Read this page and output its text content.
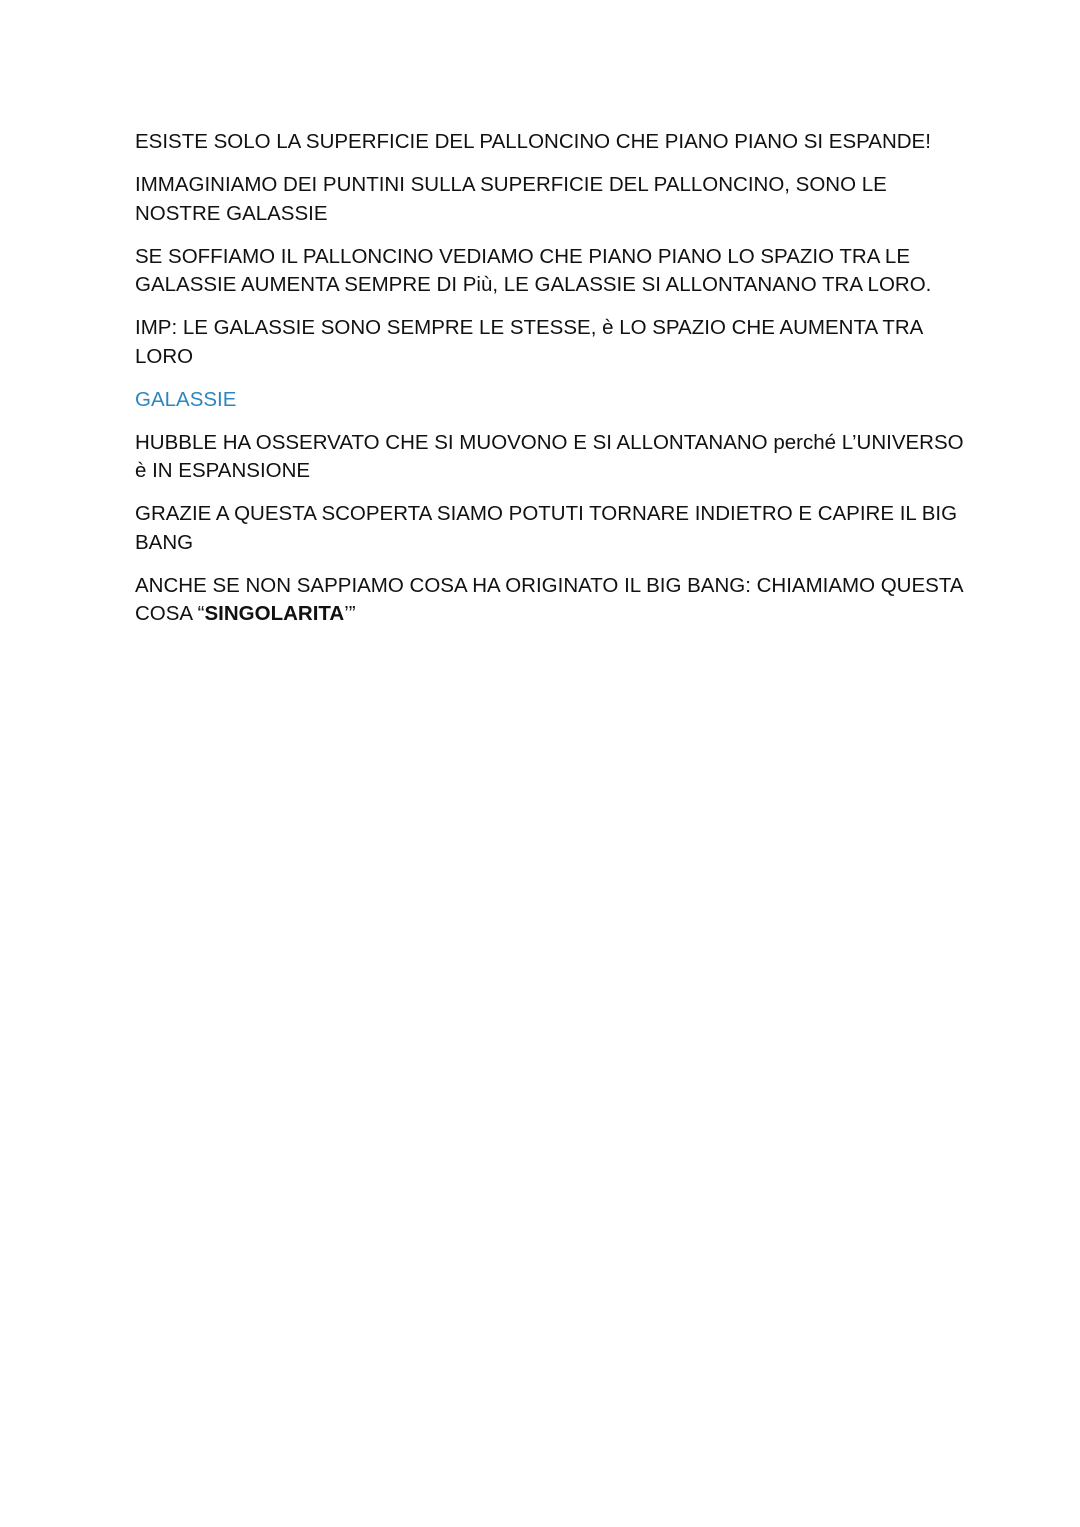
ESISTE SOLO LA SUPERFICIE DEL PALLONCINO CHE PIANO PIANO SI ESPANDE!

IMMAGINIAMO DEI PUNTINI SULLA SUPERFICIE DEL PALLONCINO, SONO LE NOSTRE GALASSIE

SE SOFFIAMO IL PALLONCINO VEDIAMO CHE PIANO PIANO LO SPAZIO TRA LE GALASSIE AUMENTA SEMPRE DI Più, LE GALASSIE SI ALLONTANANO TRA LORO.

IMP: LE GALASSIE SONO SEMPRE LE STESSE, è LO SPAZIO CHE AUMENTA TRA LORO

GALASSIE

HUBBLE HA OSSERVATO CHE SI MUOVONO E SI ALLONTANANO perché L’UNIVERSO è IN ESPANSIONE

GRAZIE A QUESTA SCOPERTA SIAMO POTUTI TORNARE INDIETRO E CAPIRE IL BIG BANG

ANCHE SE NON SAPPIAMO COSA HA ORIGINATO IL BIG BANG: CHIAMIAMO QUESTA COSA “SINGOLARITA’”
